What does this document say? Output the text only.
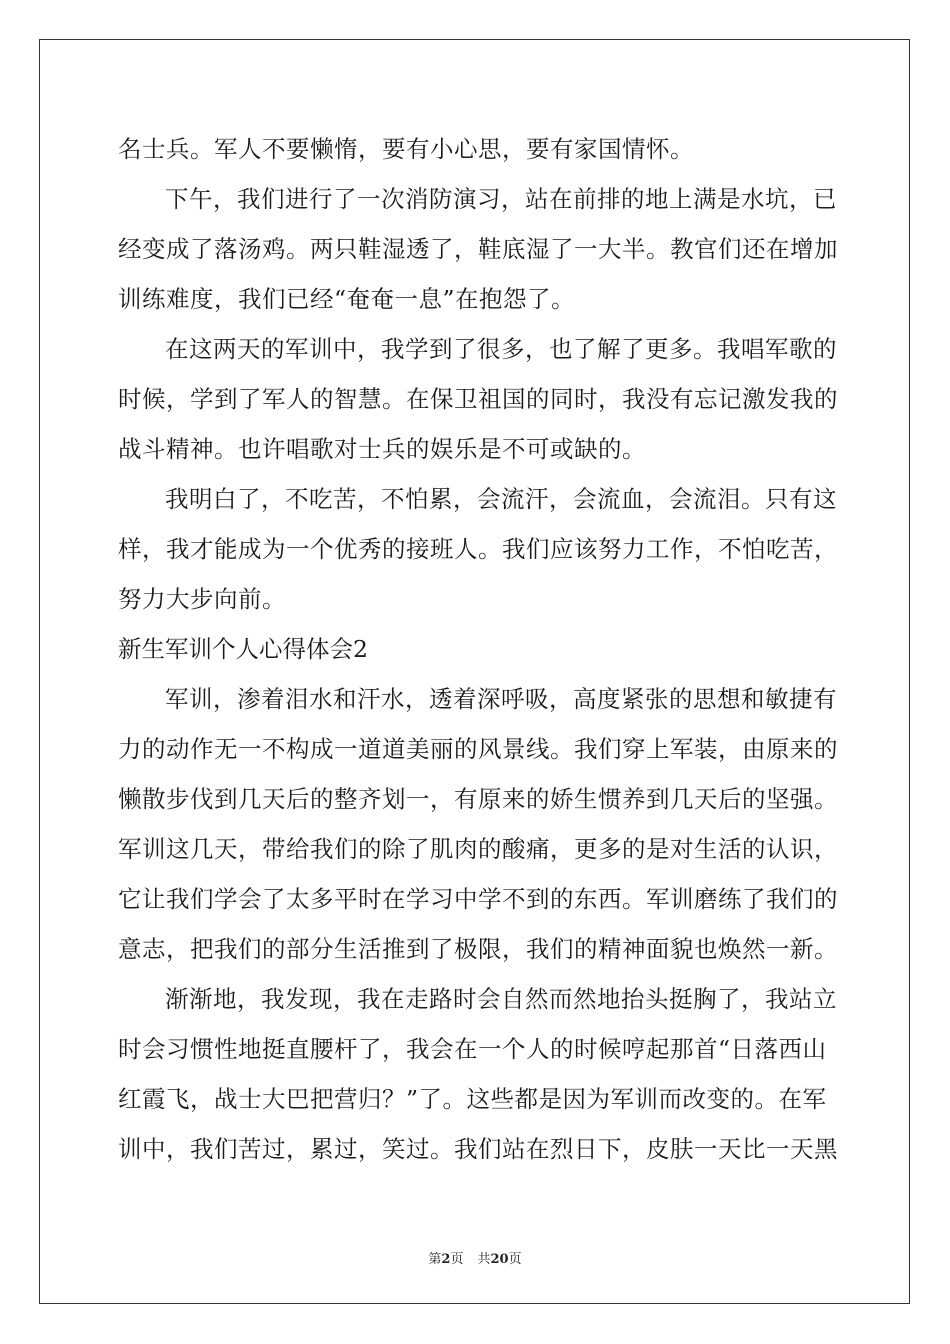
名士兵。军人不要懒惰，要有小心思，要有家国情怀。
下午，我们进行了一次消防演习，站在前排的地上满是水坑，已
经变成了落汤鸡。两只鞋湿透了，鞋底湿了一大半。教官们还在增加
训练难度，我们已经“奄奄一息”在抱怨了。
在这两天的军训中，我学到了很多，也了解了更多。我唱军歌的
时候，学到了军人的智慧。在保卫祖国的同时，我没有忘记激发我的
战斗精神。也许唱歌对士兵的娱乐是不可或缺的。
我明白了，不吃苦，不怕累，会流汗，会流血，会流泪。只有这
样，我才能成为一个优秀的接班人。我们应该努力工作，不怕吃苦，
努力大步向前。
新生军训个人心得体会2
军训，渗着泪水和汗水，透着深呼吸，高度紧张的思想和敏捷有
力的动作无一不构成一道道美丽的风景线。我们穿上军装，由原来的
懒散步伐到几天后的整齐划一，有原来的娇生惯养到几天后的坚强。
军训这几天，带给我们的除了肌肉的酸痛，更多的是对生活的认识，
它让我们学会了太多平时在学习中学不到的东西。军训磨练了我们的
意志，把我们的部分生活推到了极限，我们的精神面貌也焕然一新。
渐渐地，我发现，我在走路时会自然而然地抬头挺胸了，我站立
时会习惯性地挺直腰杆了，我会在一个人的时候哼起那首“日落西山
红霞飞，战士大巴把营归？”了。这些都是因为军训而改变的。在军
训中，我们苦过，累过，笑过。我们站在烈日下，皮肤一天比一天黑
第2页 共20页
